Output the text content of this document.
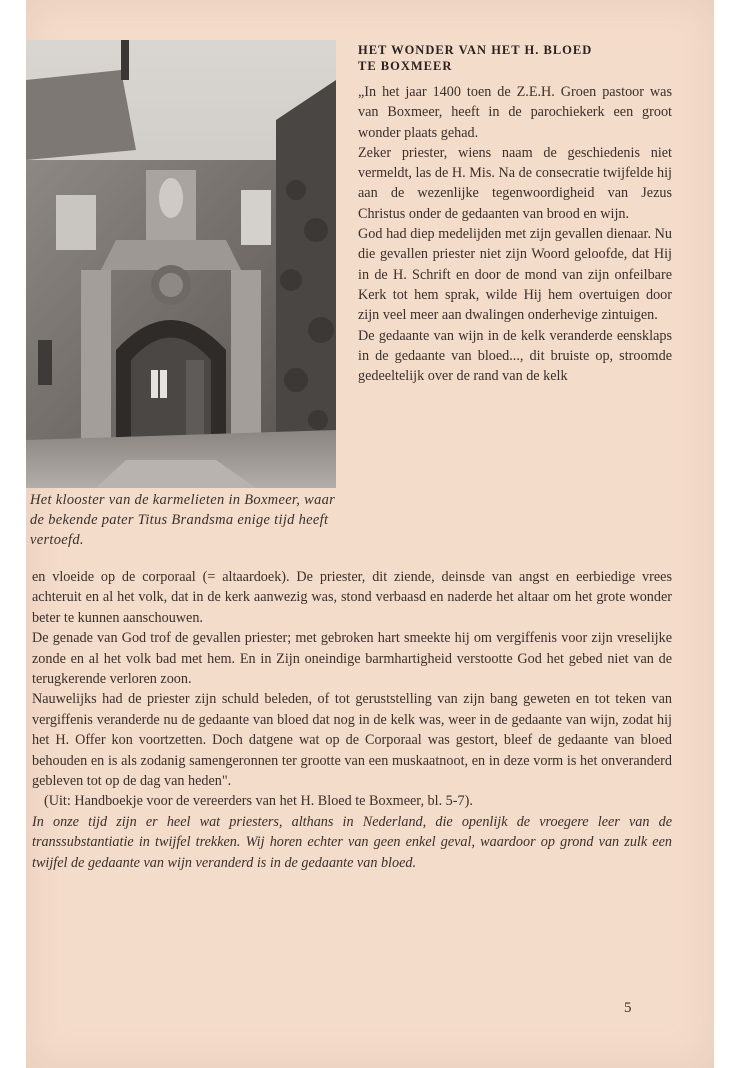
Het klooster van de karmelieten in Boxmeer, waar de bekende pater Titus Brandsma enige tijd heeft vertoefd.
HET WONDER VAN HET H. BLOED
TE BOXMEER

„In het jaar 1400 toen de Z.E.H. Groen pastoor was van Boxmeer, heeft in de parochiekerk een groot wonder plaats gehad.

Zeker priester, wiens naam de geschiedenis niet vermeldt, las de H. Mis. Na de consecratie twijfelde hij aan de wezenlijke tegenwoordigheid van Jezus Christus onder de gedaanten van brood en wijn.

God had diep medelijden met zijn gevallen dienaar. Nu die gevallen priester niet zijn Woord geloofde, dat Hij in de H. Schrift en door de mond van zijn onfeilbare Kerk tot hem sprak, wilde Hij hem overtuigen door zijn veel meer aan dwalingen onderhevige zintuigen.

De gedaante van wijn in de kelk veranderde eensklaps in de gedaante van bloed..., dit bruiste op, stroomde gedeeltelijk over de rand van de kelk

en vloeide op de corporaal (= altaardoek). De priester, dit ziende, deinsde van angst en eerbiedige vrees achteruit en al het volk, dat in de kerk aanwezig was, stond verbaasd en naderde het altaar om het grote wonder beter te kunnen aanschouwen.

De genade van God trof de gevallen priester; met gebroken hart smeekte hij om vergiffenis voor zijn vreselijke zonde en al het volk bad met hem. En in Zijn oneindige barmhartigheid verstootte God het gebed niet van de terugkerende verloren zoon.

Nauwelijks had de priester zijn schuld beleden, of tot geruststelling van zijn bang geweten en tot teken van vergiffenis veranderde nu de gedaante van bloed dat nog in de kelk was, weer in de gedaante van wijn, zodat hij het H. Offer kon voortzetten. Doch datgene wat op de Corporaal was gestort, bleef de gedaante van bloed behouden en is als zodanig samengeronnen ter grootte van een muskaatnoot, en in deze vorm is het onveranderd gebleven tot op de dag van heden".

(Uit: Handboekje voor de vereerders van het H. Bloed te Boxmeer, bl. 5-7).

In onze tijd zijn er heel wat priesters, althans in Nederland, die openlijk de vroegere leer van de transsubstantiatie in twijfel trekken. Wij horen echter van geen enkel geval, waardoor op grond van zulk een twijfel de gedaante van wijn veranderd is in de gedaante van bloed.

5
